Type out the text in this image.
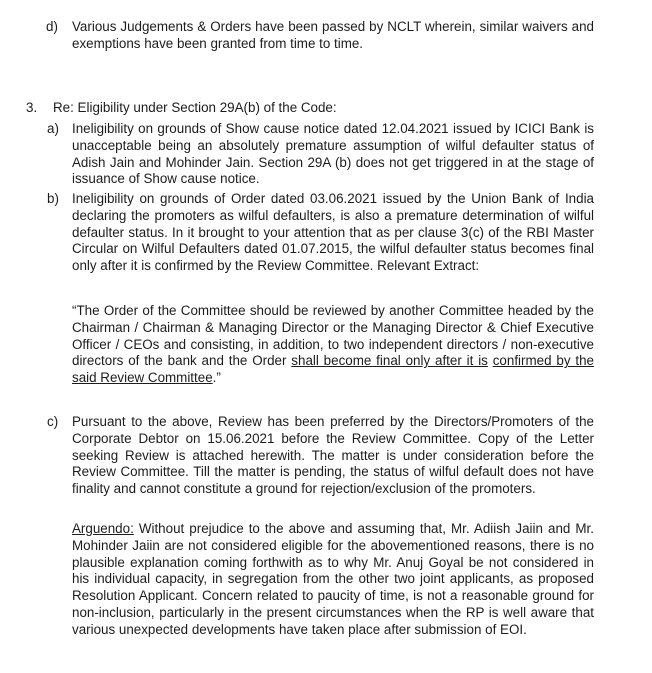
d) Various Judgements & Orders have been passed by NCLT wherein, similar waivers and exemptions have been granted from time to time.

3. Re: Eligibility under Section 29A(b) of the Code:
a) Ineligibility on grounds of Show cause notice dated 12.04.2021 issued by ICICI Bank is unacceptable being an absolutely premature assumption of wilful defaulter status of Adish Jain and Mohinder Jain. Section 29A (b) does not get triggered in at the stage of issuance of Show cause notice.

b) Ineligibility on grounds of Order dated 03.06.2021 issued by the Union Bank of India declaring the promoters as wilful defaulters, is also a premature determination of wilful defaulter status. In it brought to your attention that as per clause 3(c) of the RBI Master Circular on Wilful Defaulters dated 01.07.2015, the wilful defaulter status becomes final only after it is confirmed by the Review Committee. Relevant Extract:

“The Order of the Committee should be reviewed by another Committee headed by the Chairman / Chairman & Managing Director or the Managing Director & Chief Executive Officer / CEOs and consisting, in addition, to two independent directors / non-executive directors of the bank and the Order shall become final only after it is confirmed by the said Review Committee.”

c) Pursuant to the above, Review has been preferred by the Directors/Promoters of the Corporate Debtor on 15.06.2021 before the Review Committee. Copy of the Letter seeking Review is attached herewith. The matter is under consideration before the Review Committee. Till the matter is pending, the status of wilful default does not have finality and cannot constitute a ground for rejection/exclusion of the promoters.

Arguendo: Without prejudice to the above and assuming that, Mr. Adiish Jaiin and Mr. Mohinder Jaiin are not considered eligible for the abovementioned reasons, there is no plausible explanation coming forthwith as to why Mr. Anuj Goyal be not considered in his individual capacity, in segregation from the other two joint applicants, as proposed Resolution Applicant. Concern related to paucity of time, is not a reasonable ground for non-inclusion, particularly in the present circumstances when the RP is well aware that various unexpected developments have taken place after submission of EOI.
